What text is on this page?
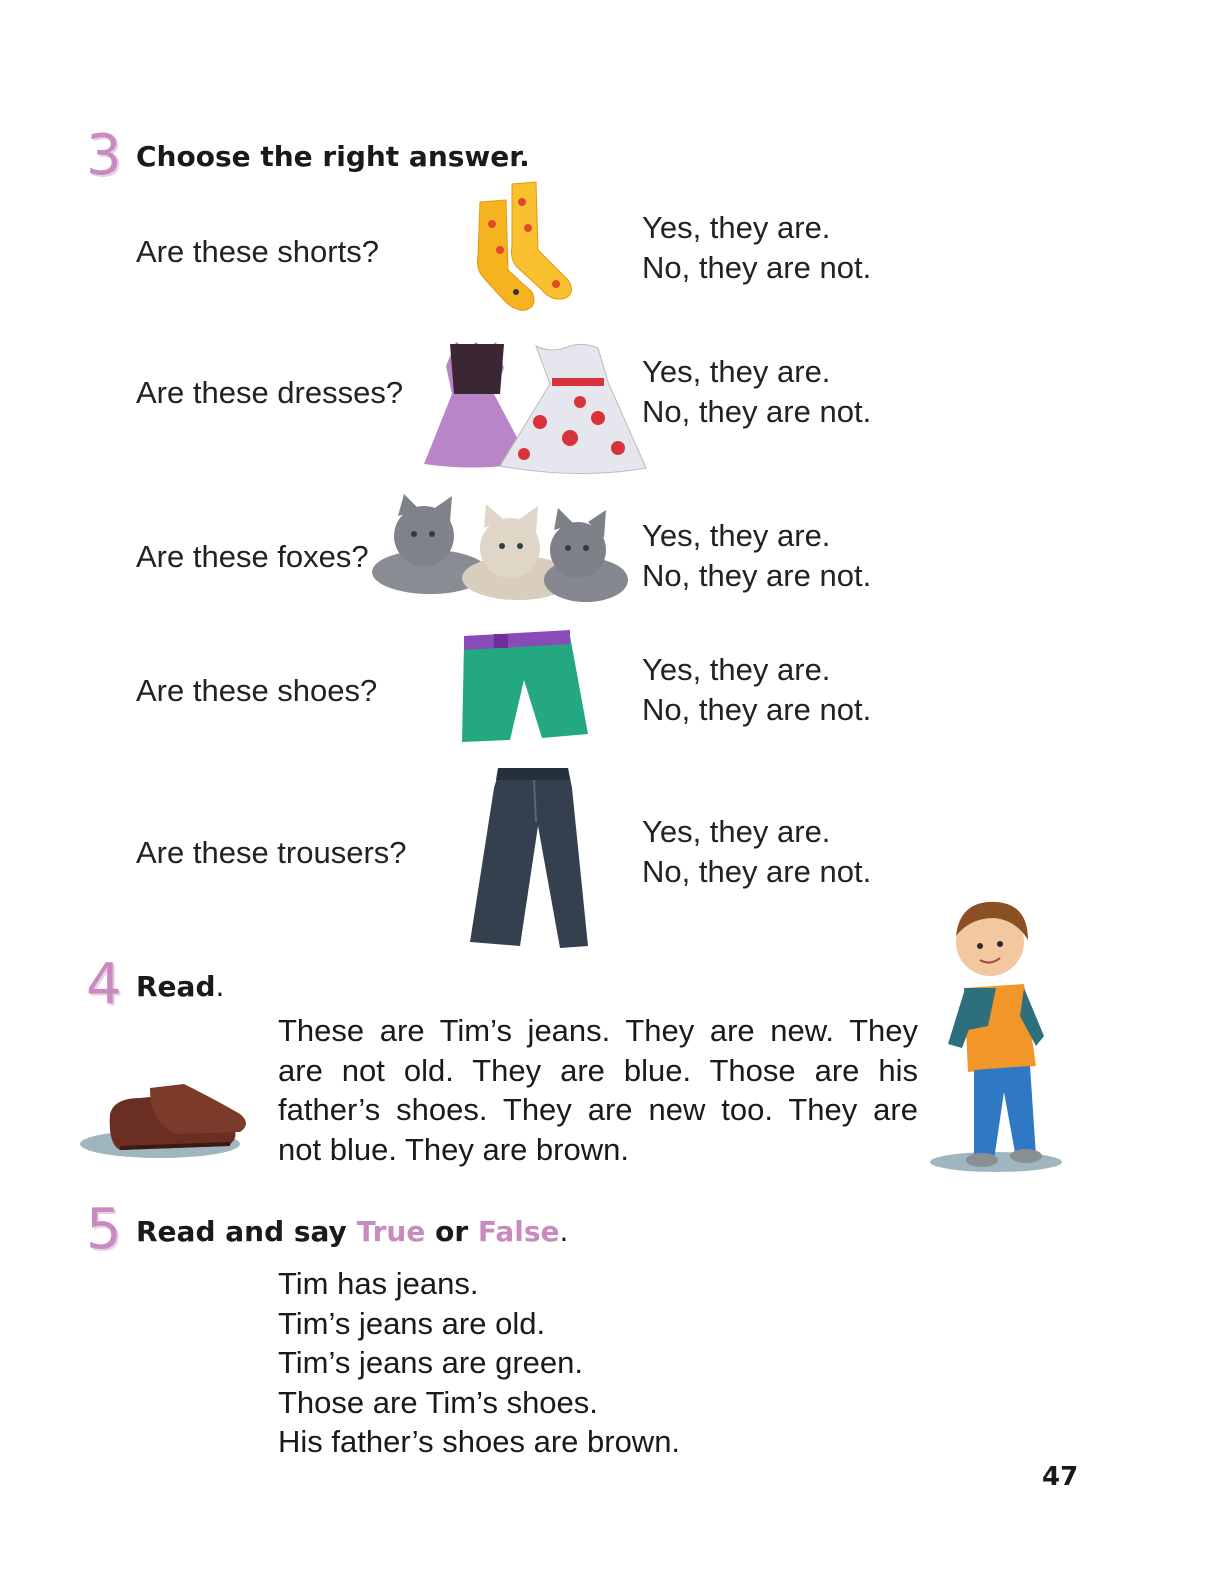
3 Choose the right answer.
Are these shorts?
Yes, they are.
No, they are not.
Are these dresses?
Yes, they are.
No, they are not.
Are these foxes?
Yes, they are.
No, they are not.
Are these shoes?
Yes, they are.
No, they are not.
Are these trousers?
Yes, they are.
No, they are not.
4 Read.
These are Tim’s jeans. They are new. They
are not old. They are blue. Those are his
father’s shoes. They are new too. They are
not blue. They are brown.
5 Read and say True or False.
Tim has jeans.
Tim’s jeans are old.
Tim’s jeans are green.
Those are Tim’s shoes.
His father’s shoes are brown.
47
